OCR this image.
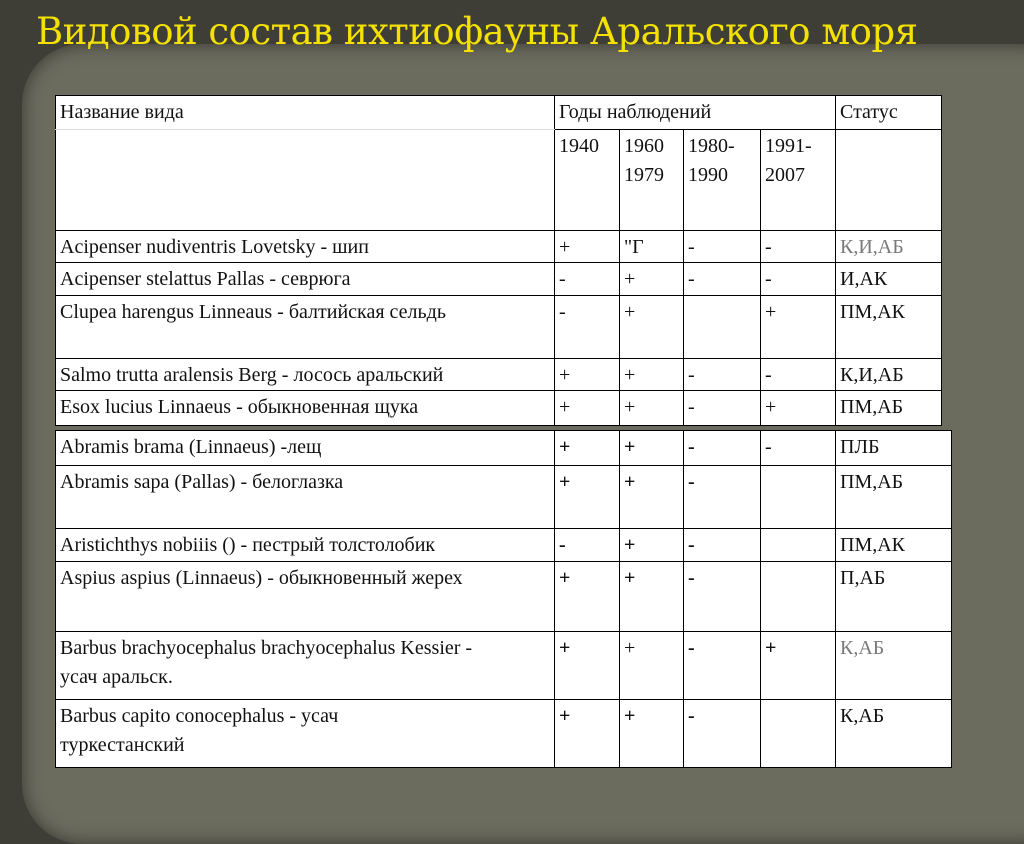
Видовой состав ихтиофауны Аральского моря
Название вида	Годы наблюдений				Статус
	1940	1960 1979	1980- 1990	1991- 2007	
Acipenser nudiventris Lovetsky - шип	+	"Г	-	-	К,И,АБ
Acipenser stelattus Pallas - севрюга	-	+	-	-	И,АК
Clupea harengus Linneaus - балтийская сельдь	-	+		+	ПМ,АК
Salmo trutta aralensis Berg - лосось аральский	+	+	-	-	К,И,АБ
Esox lucius Linnaeus - обыкновенная щука	+	+	-	+	ПМ,АБ
Abramis brama (Linnaeus) -лещ	+	+	-	-	ПЛБ
Abramis sapa (Pallas) - белоглазка	+	+	-		ПМ,АБ
Aristichthys nobiiis () - пестрый толстолобик	-	+	-		ПМ,АК
Aspius aspius (Linnaeus) - обыкновенный жерех	+	+	-		П,АБ
Barbus brachyocephalus brachyocephalus Kessier - усач аральск.	+	+	-	+	К,АБ
Barbus capito conocephalus - усач туркестанский	+	+	-		К,АБ
